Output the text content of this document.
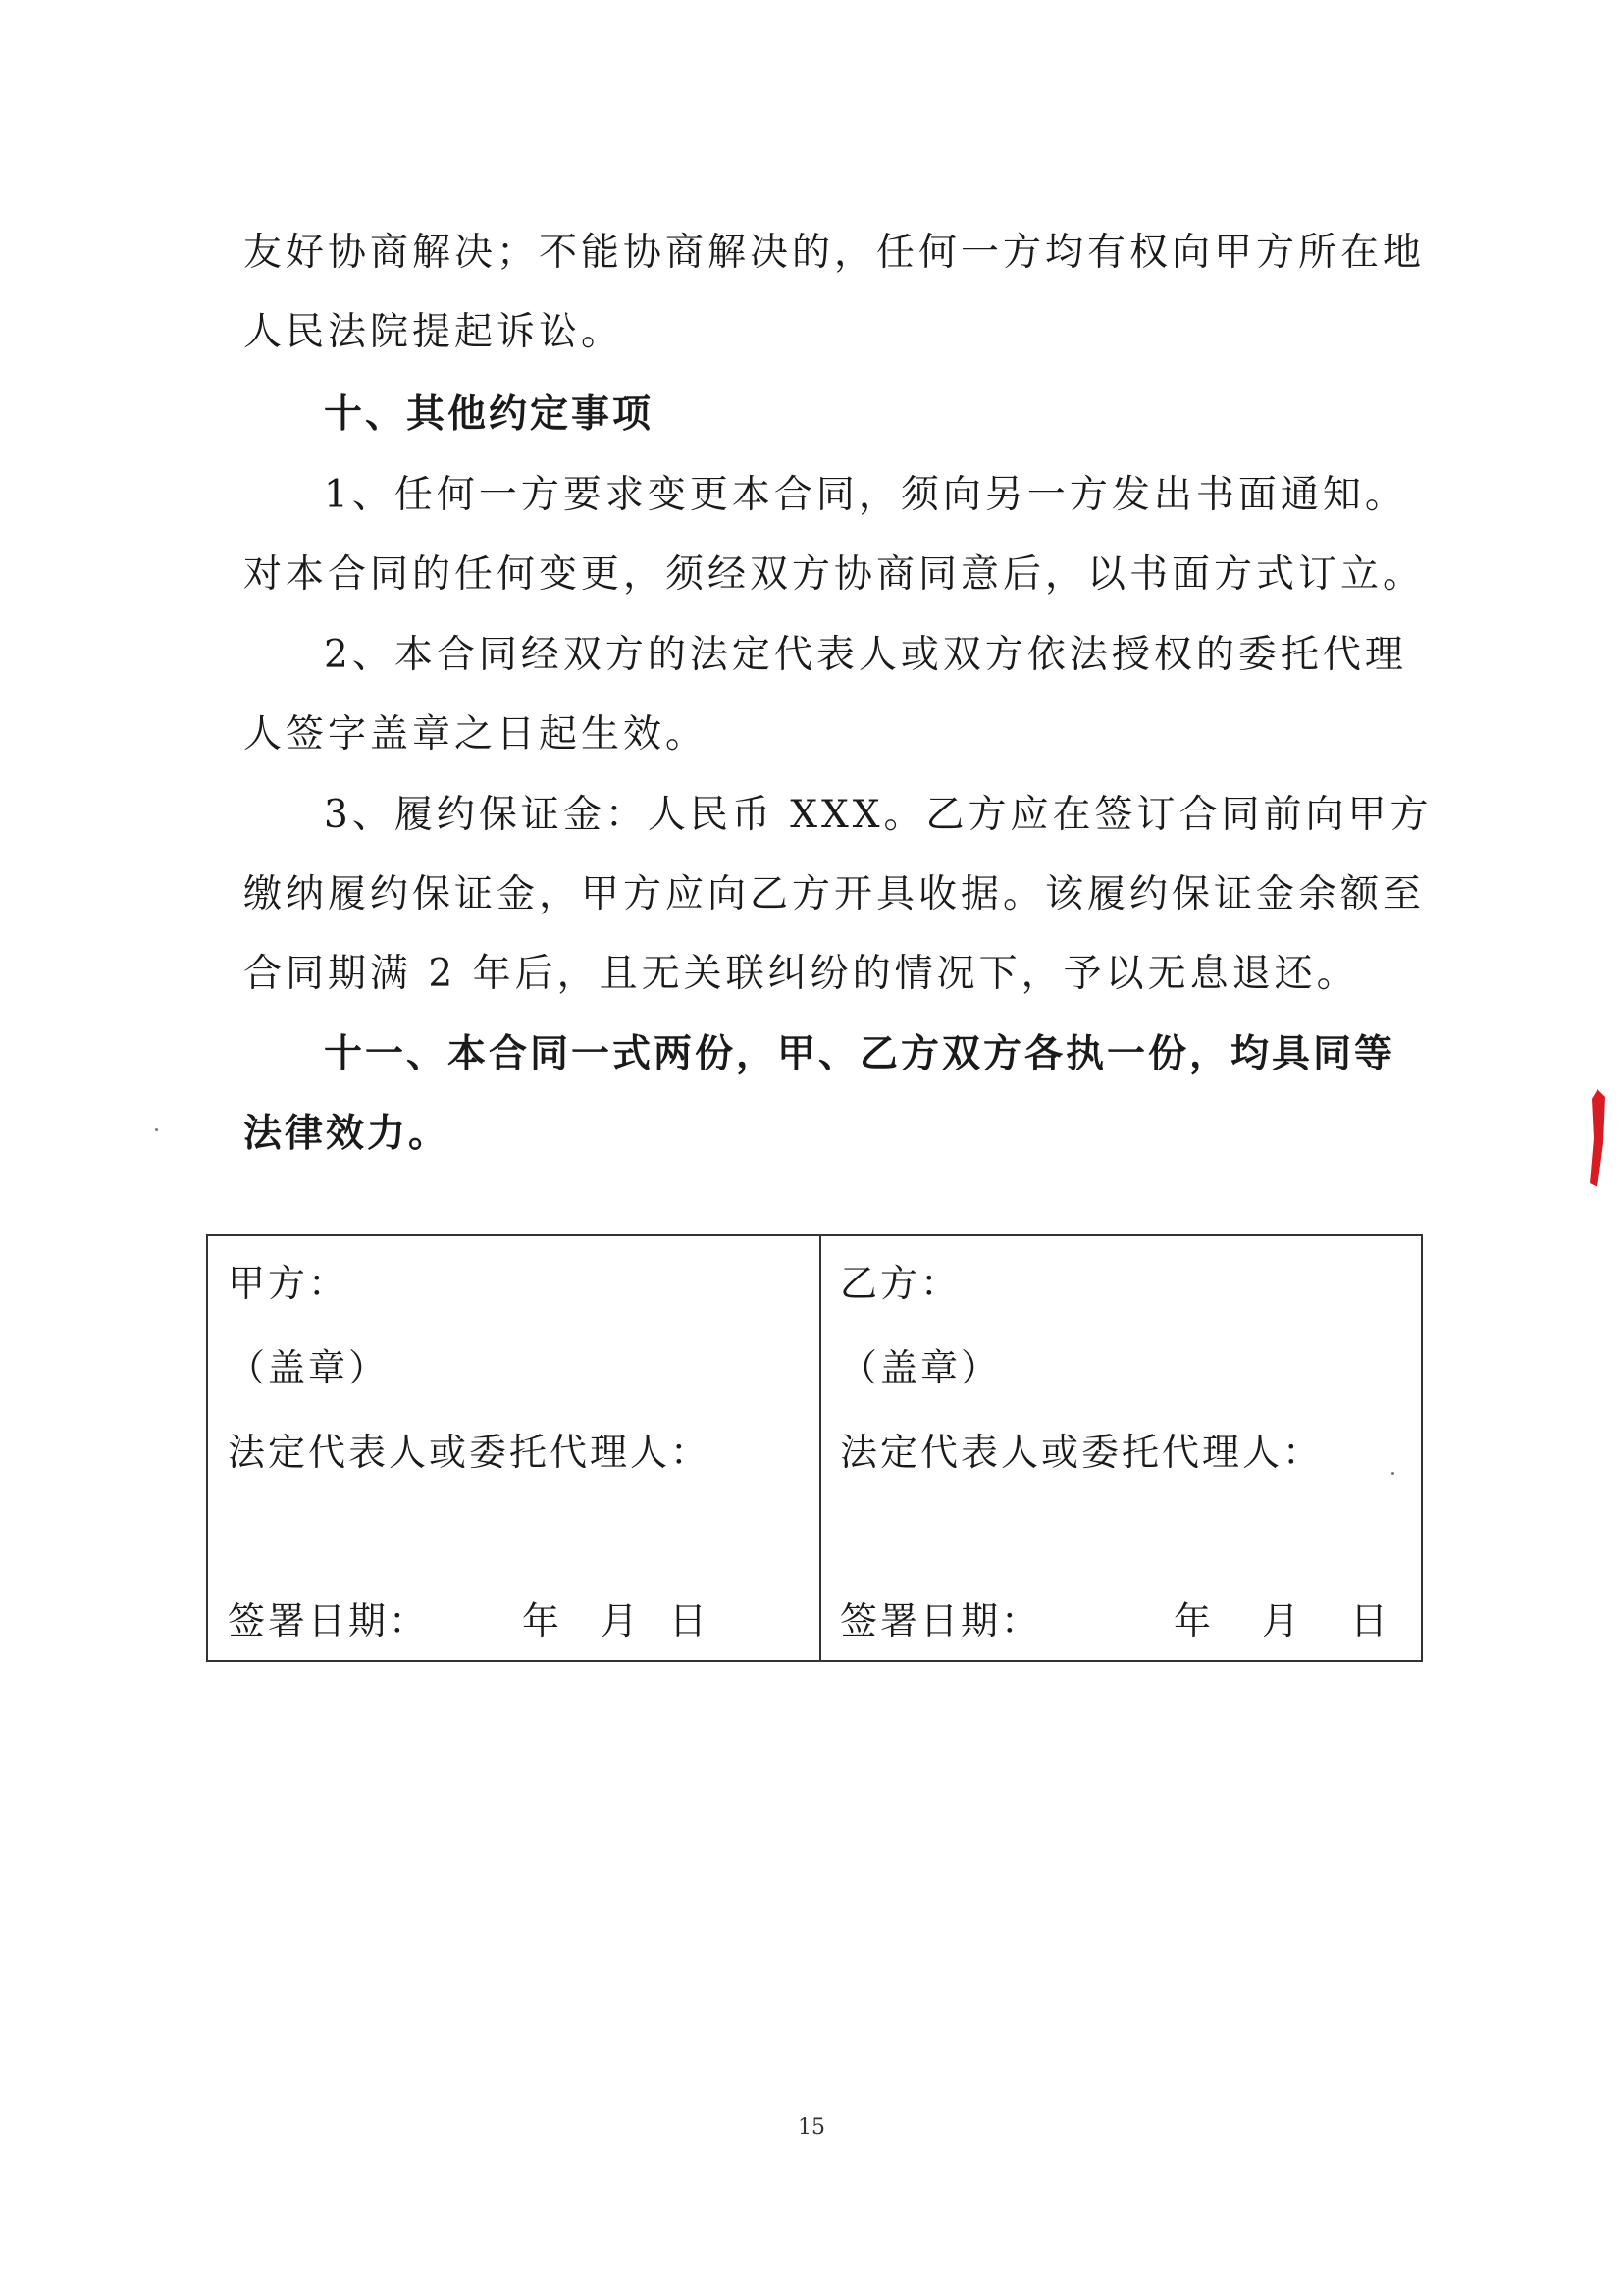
友好协商解决；不能协商解决的，任何一方均有权向甲方所在地
人民法院提起诉讼。
十、其他约定事项
1、任何一方要求变更本合同，须向另一方发出书面通知。
对本合同的任何变更，须经双方协商同意后，以书面方式订立。
2、本合同经双方的法定代表人或双方依法授权的委托代理
人签字盖章之日起生效。
3、履约保证金：人民币 XXX。乙方应在签订合同前向甲方
缴纳履约保证金，甲方应向乙方开具收据。该履约保证金余额至
合同期满 2 年后，且无关联纠纷的情况下，予以无息退还。
十一、本合同一式两份，甲、乙方双方各执一份，均具同等
法律效力。
甲方：
（盖章）
法定代表人或委托代理人：
签署日期： 年 月 日
乙方：
（盖章）
法定代表人或委托代理人：
签署日期：	年 月 日
15
